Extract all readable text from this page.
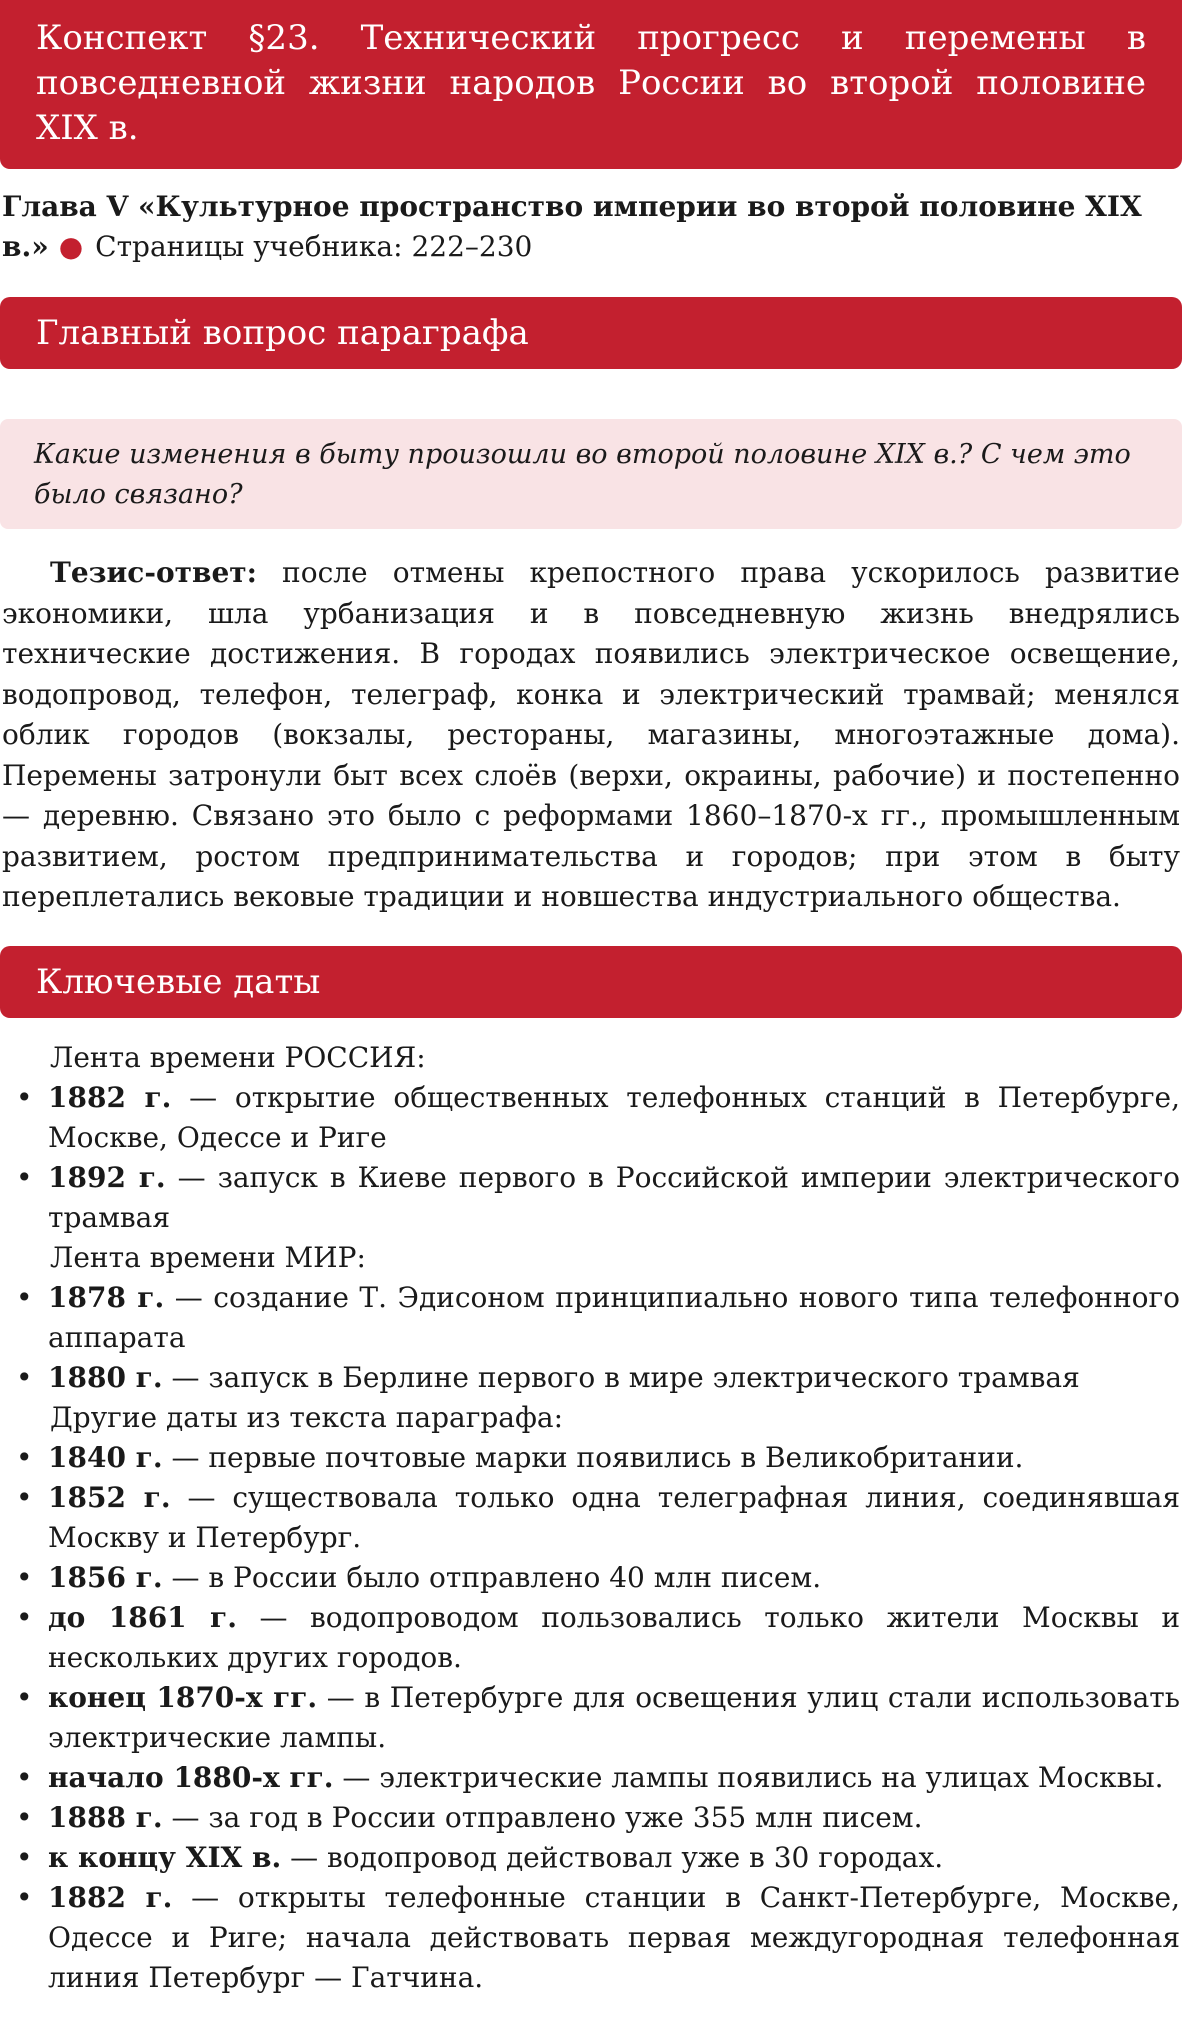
Конспект §23. Технический прогресс и перемены в повседневной жизни народов России во второй половине XIX в.
Глава V «Культурное пространство империи во второй половине XIX в.» ● Страницы учебника: 222–230
Главный вопрос параграфа
Какие изменения в быту произошли во второй половине XIX в.? С чем это было связано?
Тезис-ответ: после отмены крепостного права ускорилось развитие экономики, шла урбанизация и в повседневную жизнь внедрялись технические достижения. В городах появились электрическое освещение, водопровод, телефон, телеграф, конка и электрический трамвай; менялся облик городов (вокзалы, рестораны, магазины, многоэтажные дома). Перемены затронули быт всех слоёв (верхи, окраины, рабочие) и постепенно — деревню. Связано это было с реформами 1860–1870-х гг., промышленным развитием, ростом предпринимательства и городов; при этом в быту переплетались вековые традиции и новшества индустриального общества.
Ключевые даты
Лента времени РОССИЯ:
• 1882 г. — открытие общественных телефонных станций в Петербурге, Москве, Одессе и Риге
• 1892 г. — запуск в Киеве первого в Российской империи электрического трамвая
Лента времени МИР:
• 1878 г. — создание Т. Эдисоном принципиально нового типа телефонного аппарата
• 1880 г. — запуск в Берлине первого в мире электрического трамвая
Другие даты из текста параграфа:
• 1840 г. — первые почтовые марки появились в Великобритании.
• 1852 г. — существовала только одна телеграфная линия, соединявшая Москву и Петербург.
• 1856 г. — в России было отправлено 40 млн писем.
• до 1861 г. — водопроводом пользовались только жители Москвы и нескольких других городов.
• конец 1870-х гг. — в Петербурге для освещения улиц стали использовать электрические лампы.
• начало 1880-х гг. — электрические лампы появились на улицах Москвы.
• 1888 г. — за год в России отправлено уже 355 млн писем.
• к концу XIX в. — водопровод действовал уже в 30 городах.
• 1882 г. — открыты телефонные станции в Санкт-Петербурге, Москве, Одессе и Риге; начала действовать первая междугородная телефонная линия Петербург — Гатчина.
